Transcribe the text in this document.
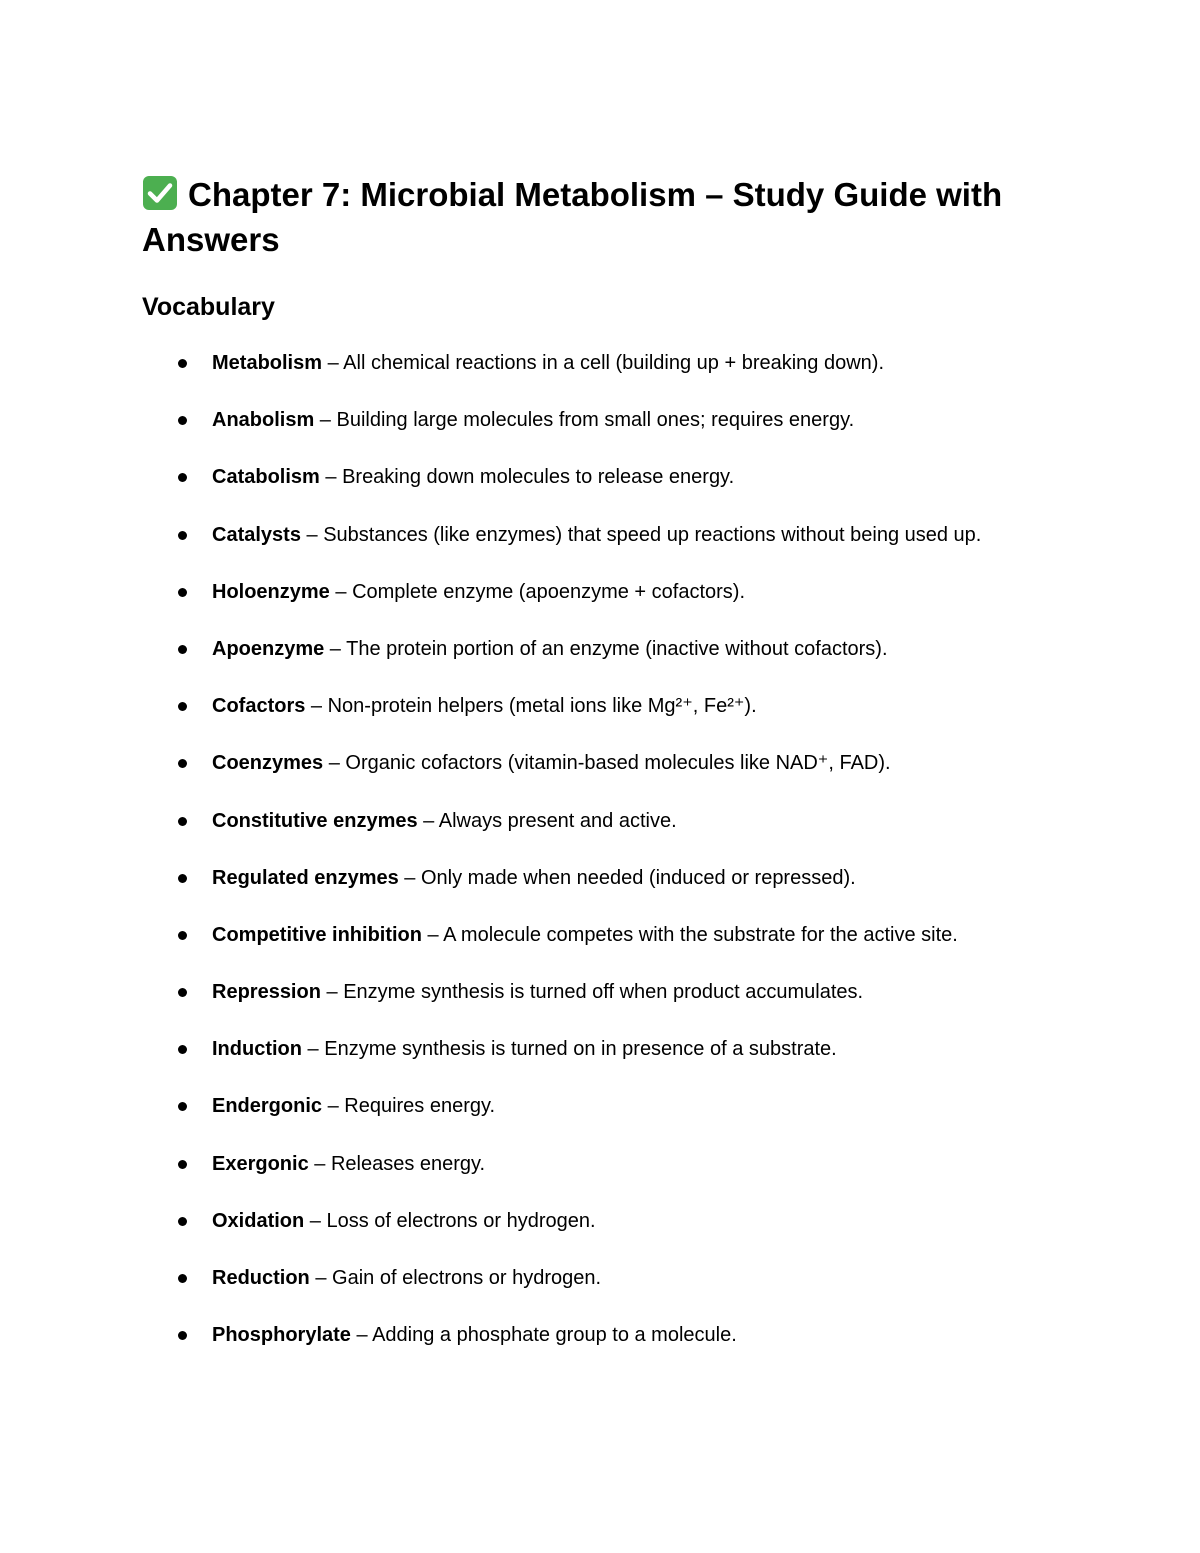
Chapter 7: Microbial Metabolism – Study Guide with Answers
Vocabulary
Metabolism – All chemical reactions in a cell (building up + breaking down).
Anabolism – Building large molecules from small ones; requires energy.
Catabolism – Breaking down molecules to release energy.
Catalysts – Substances (like enzymes) that speed up reactions without being used up.
Holoenzyme – Complete enzyme (apoenzyme + cofactors).
Apoenzyme – The protein portion of an enzyme (inactive without cofactors).
Cofactors – Non-protein helpers (metal ions like Mg²⁺, Fe²⁺).
Coenzymes – Organic cofactors (vitamin-based molecules like NAD⁺, FAD).
Constitutive enzymes – Always present and active.
Regulated enzymes – Only made when needed (induced or repressed).
Competitive inhibition – A molecule competes with the substrate for the active site.
Repression – Enzyme synthesis is turned off when product accumulates.
Induction – Enzyme synthesis is turned on in presence of a substrate.
Endergonic – Requires energy.
Exergonic – Releases energy.
Oxidation – Loss of electrons or hydrogen.
Reduction – Gain of electrons or hydrogen.
Phosphorylate – Adding a phosphate group to a molecule.
